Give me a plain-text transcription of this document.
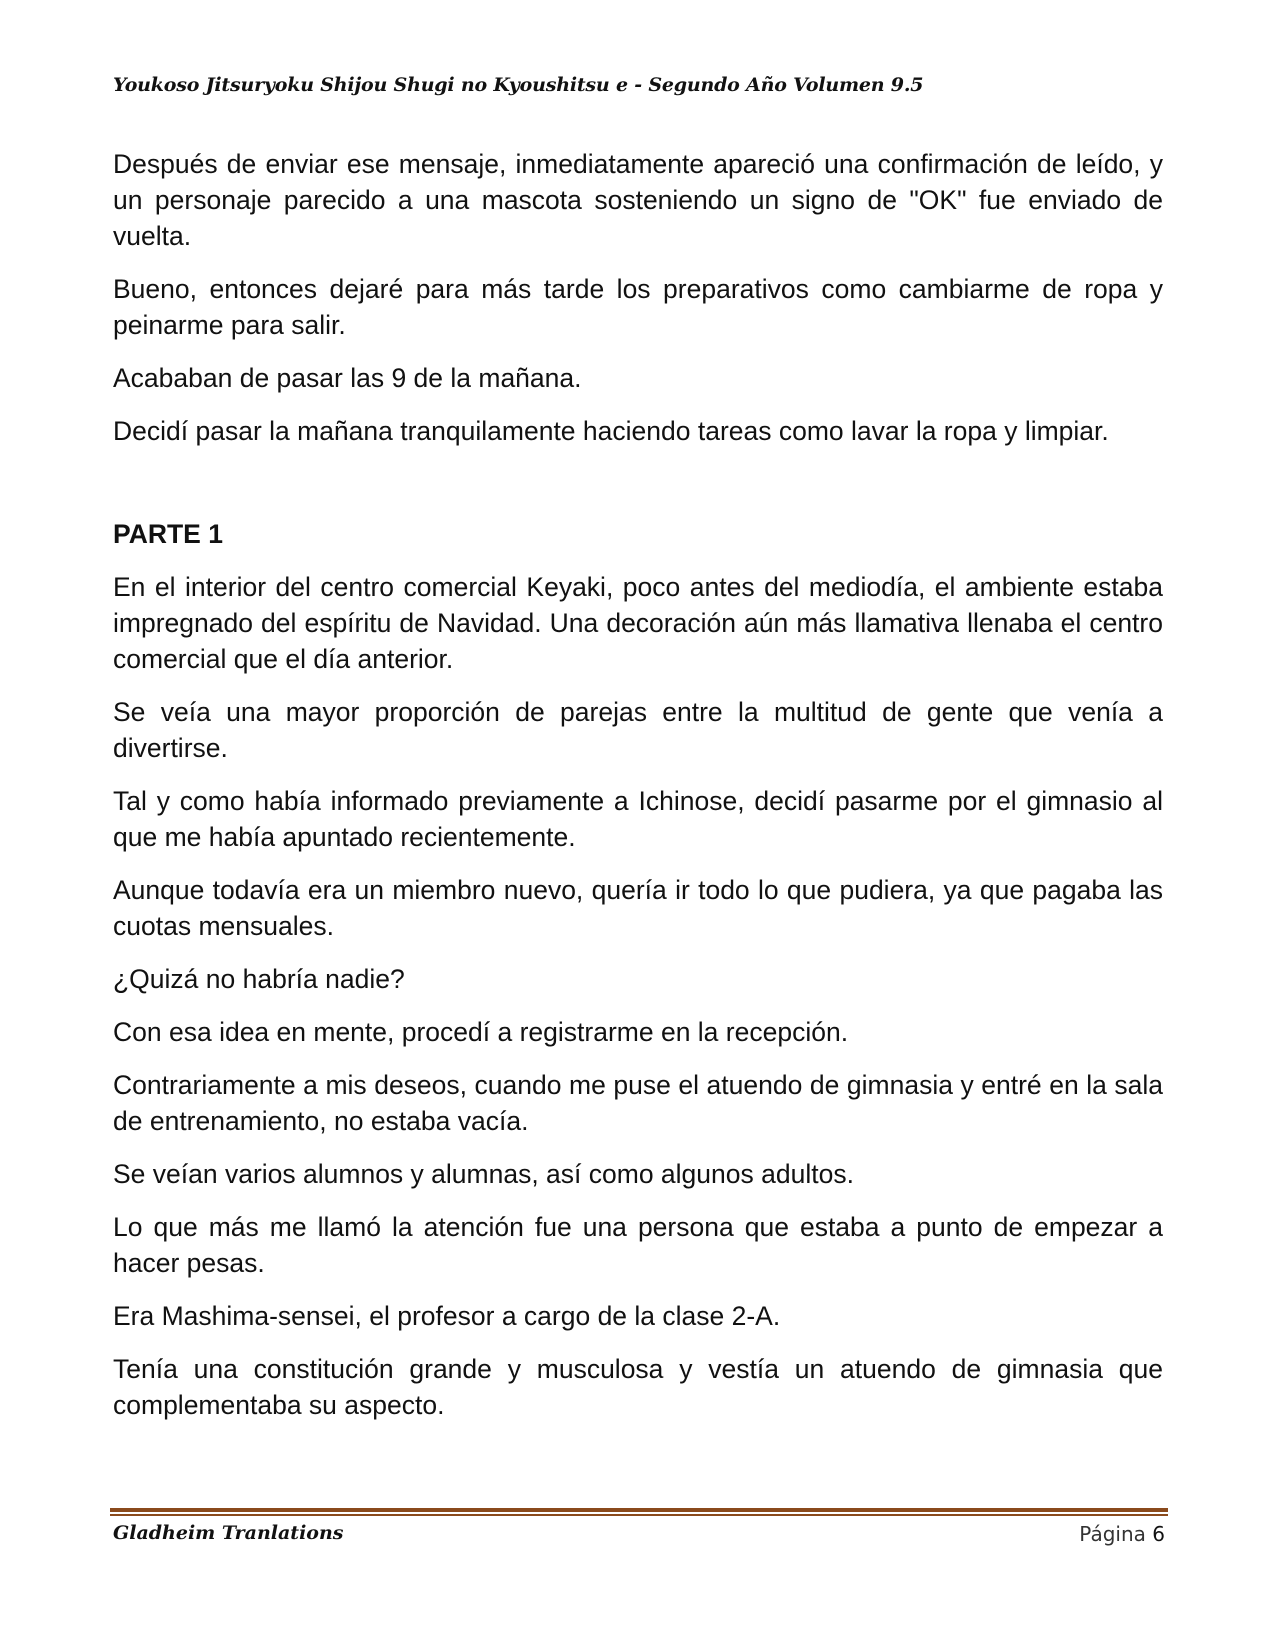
Youkoso Jitsuryoku Shijou Shugi no Kyoushitsu e - Segundo Año Volumen 9.5

Después de enviar ese mensaje, inmediatamente apareció una confirmación de leído, y un personaje parecido a una mascota sosteniendo un signo de "OK" fue enviado de vuelta.

Bueno, entonces dejaré para más tarde los preparativos como cambiarme de ropa y peinarme para salir.

Acababan de pasar las 9 de la mañana.

Decidí pasar la mañana tranquilamente haciendo tareas como lavar la ropa y limpiar.

PARTE 1

En el interior del centro comercial Keyaki, poco antes del mediodía, el ambiente estaba impregnado del espíritu de Navidad. Una decoración aún más llamativa llenaba el centro comercial que el día anterior.

Se veía una mayor proporción de parejas entre la multitud de gente que venía a divertirse.

Tal y como había informado previamente a Ichinose, decidí pasarme por el gimnasio al que me había apuntado recientemente.

Aunque todavía era un miembro nuevo, quería ir todo lo que pudiera, ya que pagaba las cuotas mensuales.

¿Quizá no habría nadie?

Con esa idea en mente, procedí a registrarme en la recepción.

Contrariamente a mis deseos, cuando me puse el atuendo de gimnasia y entré en la sala de entrenamiento, no estaba vacía.

Se veían varios alumnos y alumnas, así como algunos adultos.

Lo que más me llamó la atención fue una persona que estaba a punto de empezar a hacer pesas.

Era Mashima-sensei, el profesor a cargo de la clase 2-A.

Tenía una constitución grande y musculosa y vestía un atuendo de gimnasia que complementaba su aspecto.

Gladheim Tranlations	Página 6
